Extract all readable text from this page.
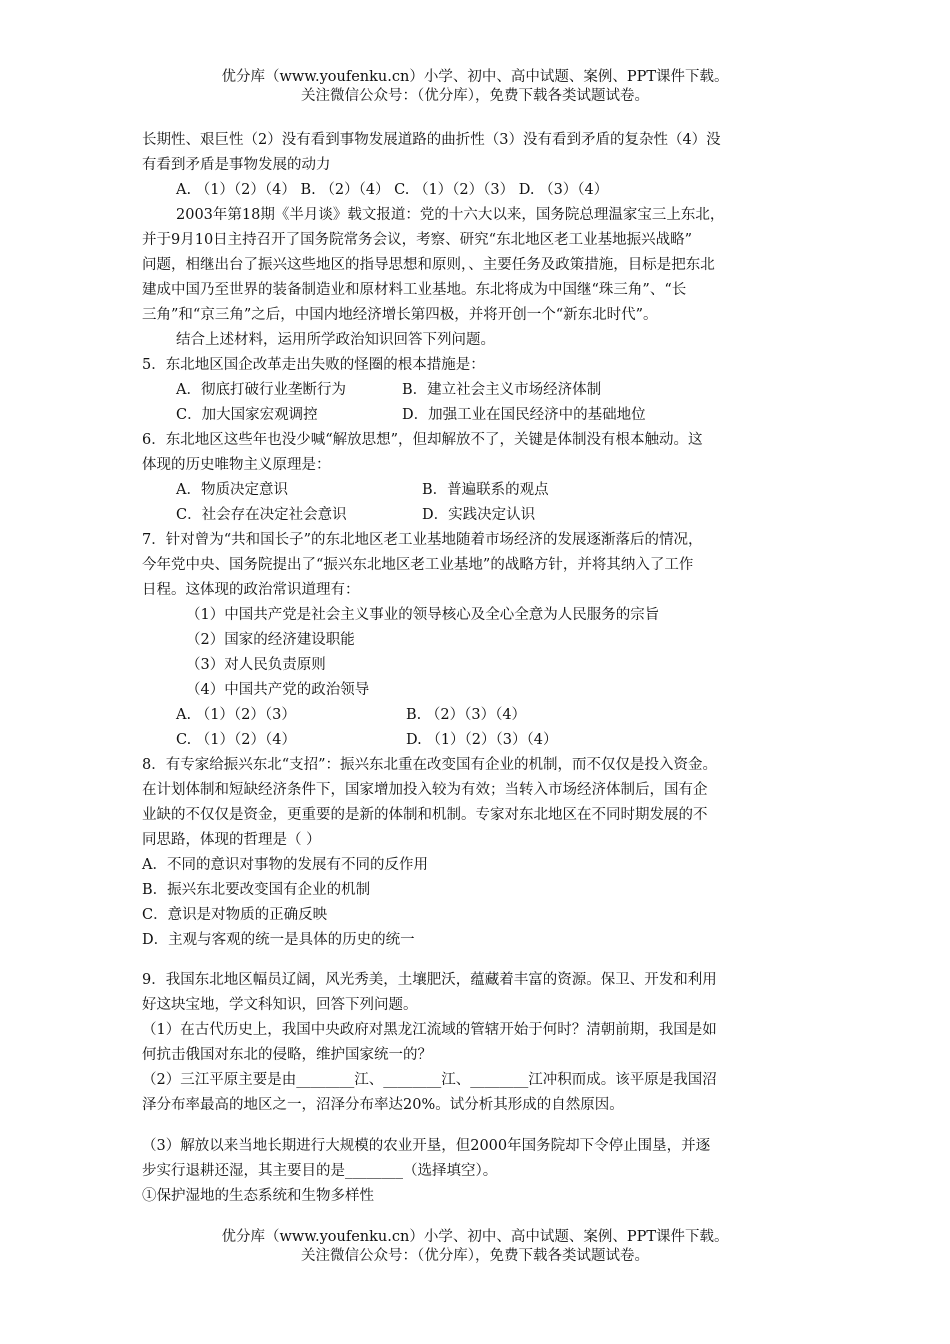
优分库（www.youfenku.cn）小学、初中、高中试题、案例、PPT课件下载。
关注微信公众号：（优分库），免费下载各类试题试卷。
长期性、艰巨性（2）没有看到事物发展道路的曲折性（3）没有看到矛盾的复杂性（4）没
有看到矛盾是事物发展的动力
A. （1）（2）（4） B. （2）（4） C. （1）（2）（3） D. （3）（4）
2003年第18期《半月谈》载文报道：党的十六大以来，国务院总理温家宝三上东北，
并于9月10日主持召开了国务院常务会议，考察、研究“东北地区老工业基地振兴战略”
问题，相继出台了振兴这些地区的指导思想和原则，、主要任务及政策措施，目标是把东北
建成中国乃至世界的装备制造业和原材料工业基地。东北将成为中国继“珠三角”、“长
三角”和“京三角”之后，中国内地经济增长第四极，并将开创一个“新东北时代”。
结合上述材料，运用所学政治知识回答下列问题。
5．东北地区国企改革走出失败的怪圈的根本措施是：
A．彻底打破行业垄断行为	B．建立社会主义市场经济体制
C．加大国家宏观调控	D．加强工业在国民经济中的基础地位
6．东北地区这些年也没少喊“解放思想”，但却解放不了，关键是体制没有根本触动。这
体现的历史唯物主义原理是：
A．物质决定意识	B．普遍联系的观点
C．社会存在决定社会意识	D．实践决定认识
7．针对曾为“共和国长子”的东北地区老工业基地随着市场经济的发展逐渐落后的情况，
今年党中央、国务院提出了“振兴东北地区老工业基地”的战略方针，并将其纳入了工作
日程。这体现的政治常识道理有：
（1）中国共产党是社会主义事业的领导核心及全心全意为人民服务的宗旨
（2）国家的经济建设职能
（3）对人民负责原则
（4）中国共产党的政治领导
A. （1）（2）（3）	B. （2）（3）（4）
C. （1）（2）（4）	D. （1）（2）（3）（4）
8．有专家给振兴东北“支招”：振兴东北重在改变国有企业的机制，而不仅仅是投入资金。
在计划体制和短缺经济条件下，国家增加投入较为有效；当转入市场经济体制后，国有企
业缺的不仅仅是资金，更重要的是新的体制和机制。专家对东北地区在不同时期发展的不
同思路，体现的哲理是（ ）
A．不同的意识对事物的发展有不同的反作用
B．振兴东北要改变国有企业的机制
C．意识是对物质的正确反映
D．主观与客观的统一是具体的历史的统一
9．我国东北地区幅员辽阔，风光秀美，土壤肥沃，蕴藏着丰富的资源。保卫、开发和利用
好这块宝地，学文科知识，回答下列问题。
（1）在古代历史上，我国中央政府对黑龙江流域的管辖开始于何时？清朝前期，我国是如
何抗击俄国对东北的侵略，维护国家统一的？
（2）三江平原主要是由________江、________江、________江冲积而成。该平原是我国沼
泽分布率最高的地区之一，沼泽分布率达20%。试分析其形成的自然原因。
（3）解放以来当地长期进行大规模的农业开垦，但2000年国务院却下令停止围垦，并逐
步实行退耕还湿，其主要目的是________（选择填空）。
①保护湿地的生态系统和生物多样性
优分库（www.youfenku.cn）小学、初中、高中试题、案例、PPT课件下载。
关注微信公众号：（优分库），免费下载各类试题试卷。
